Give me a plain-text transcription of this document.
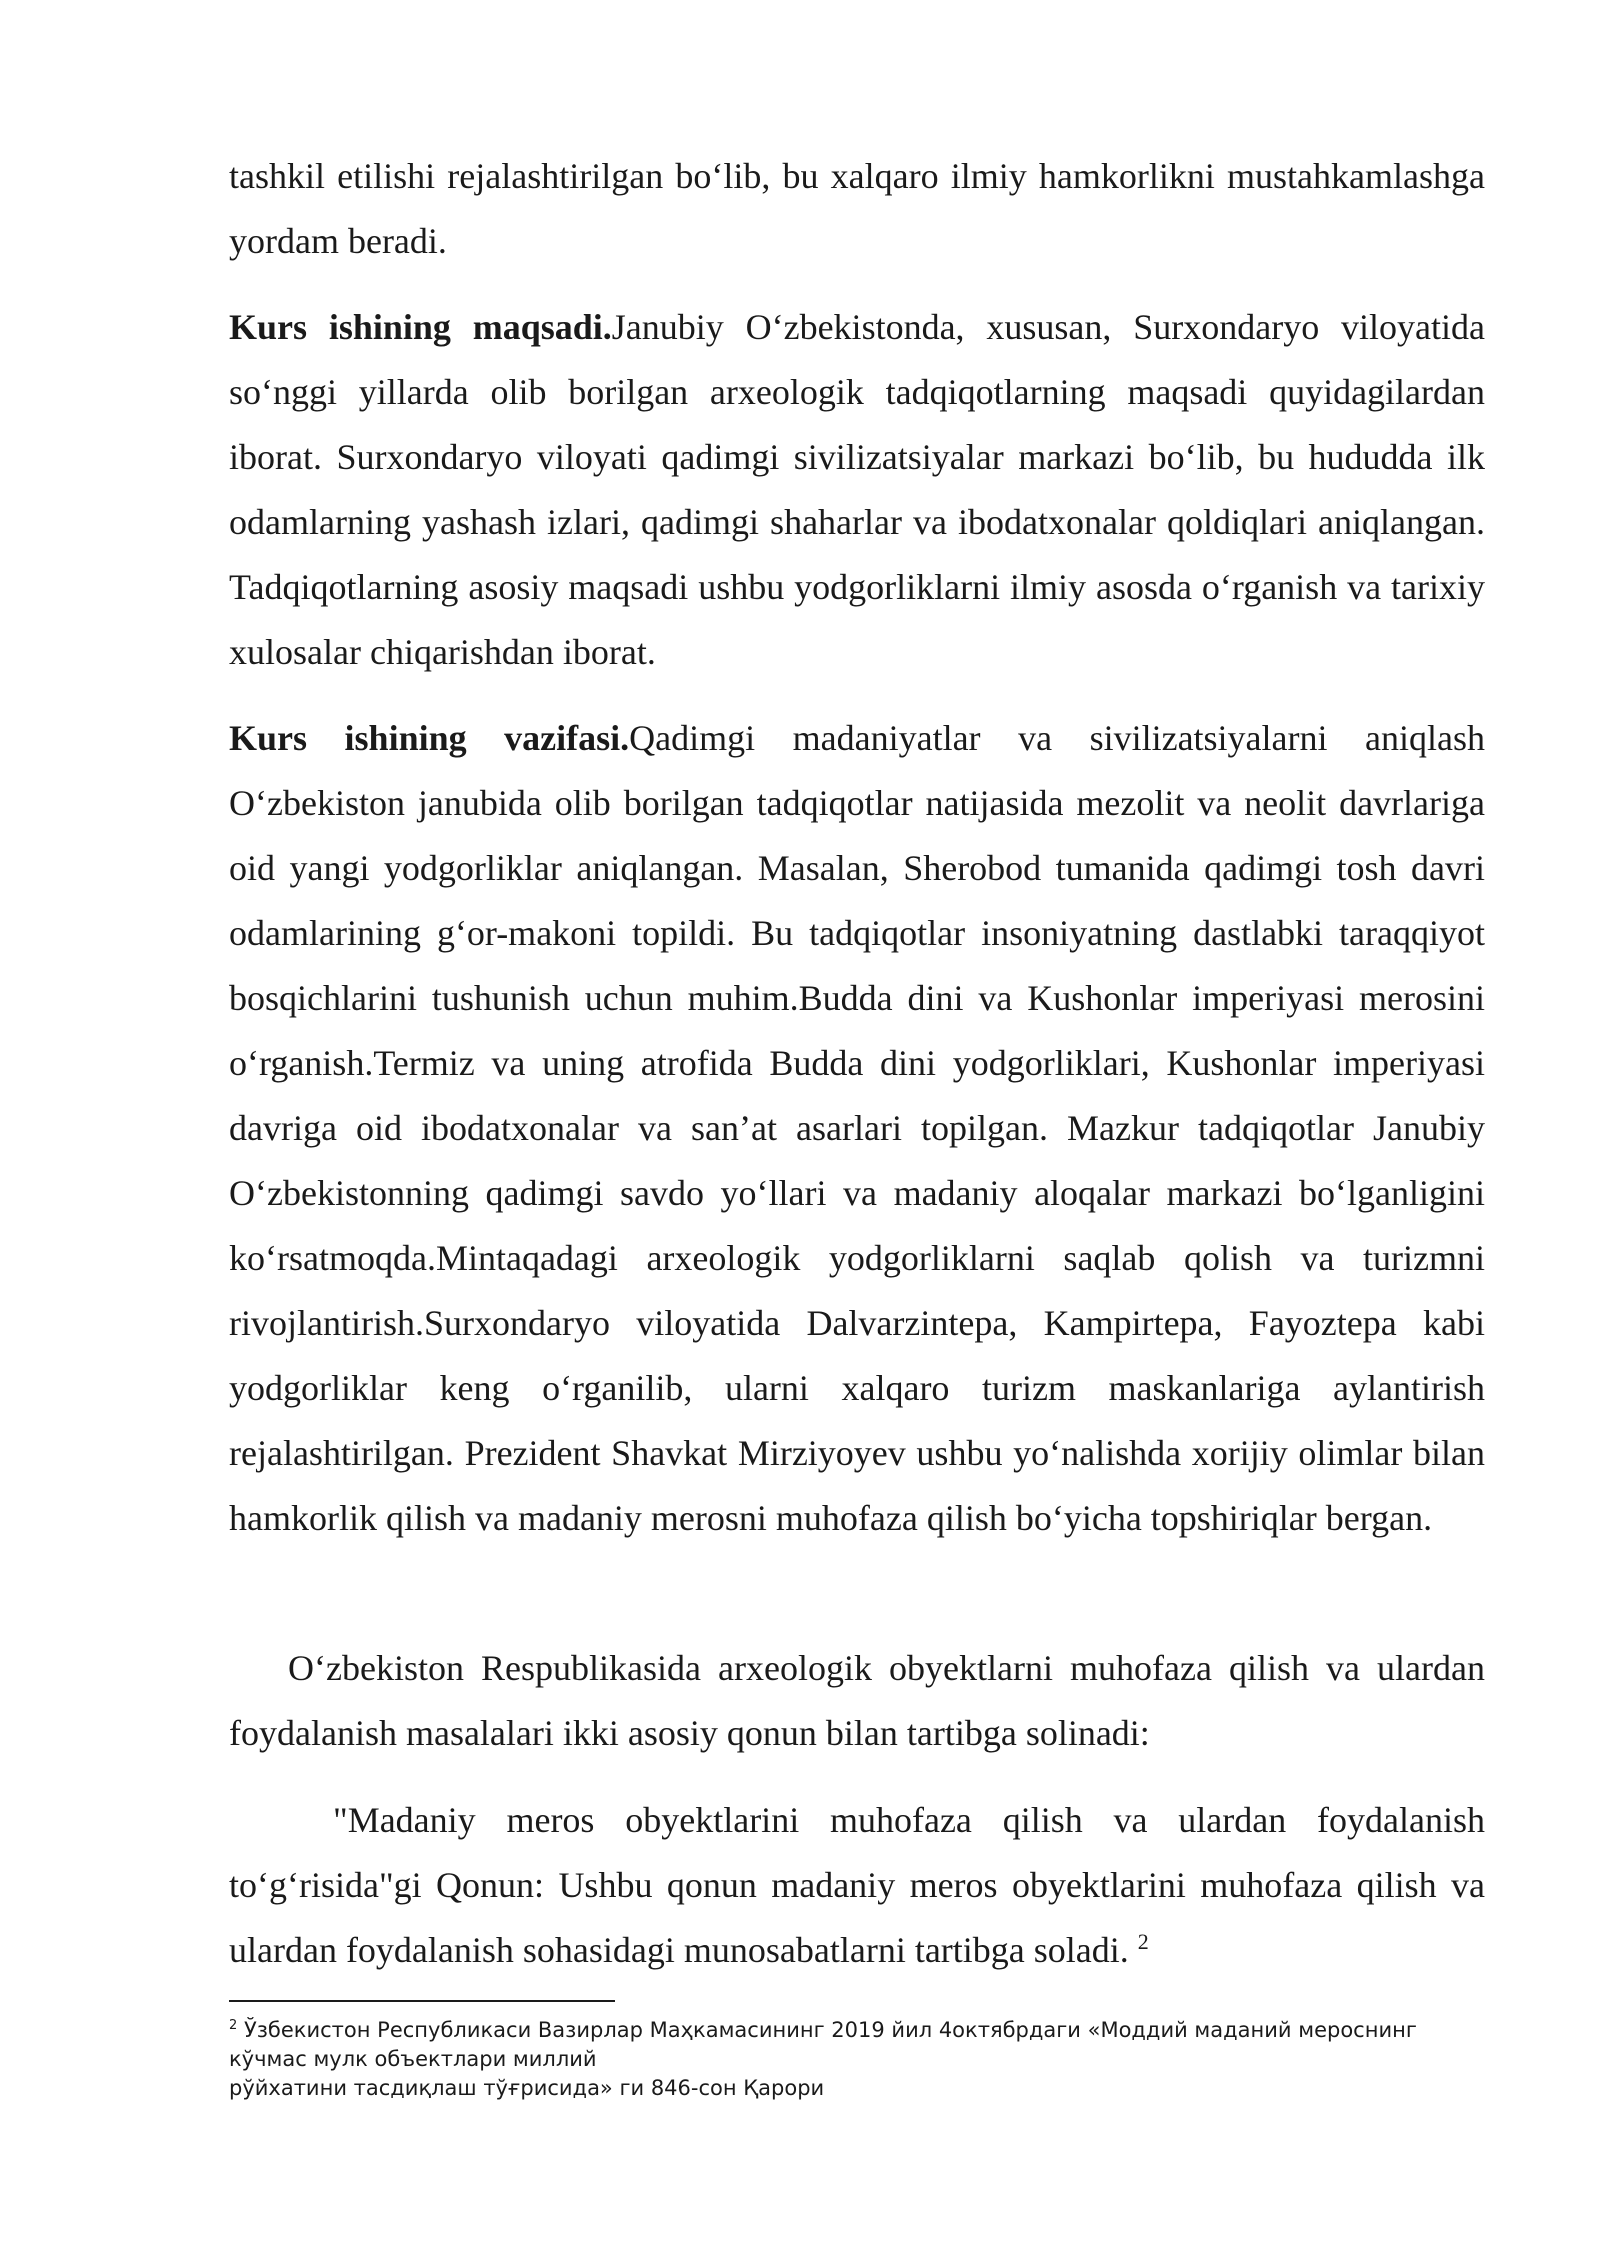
tashkil etilishi rejalashtirilgan bo‘lib, bu xalqaro ilmiy hamkorlikni mustahkamlashga yordam beradi.

Kurs ishining maqsadi.Janubiy O‘zbekistonda, xususan, Surxondaryo viloyatida so‘nggi yillarda olib borilgan arxeologik tadqiqotlarning maqsadi quyidagilardan iborat. Surxondaryo viloyati qadimgi sivilizatsiyalar markazi bo‘lib, bu hududda ilk odamlarning yashash izlari, qadimgi shaharlar va ibodatxonalar qoldiqlari aniqlangan. Tadqiqotlarning asosiy maqsadi ushbu yodgorliklarni ilmiy asosda o‘rganish va tarixiy xulosalar chiqarishdan iborat.

Kurs ishining vazifasi.Qadimgi madaniyatlar va sivilizatsiyalarni aniqlash O‘zbekiston janubida olib borilgan tadqiqotlar natijasida mezolit va neolit davrlariga oid yangi yodgorliklar aniqlangan. Masalan, Sherobod tumanida qadimgi tosh davri odamlarining g‘or-makoni topildi. Bu tadqiqotlar insoniyatning dastlabki taraqqiyot bosqichlarini tushunish uchun muhim.Budda dini va Kushonlar imperiyasi merosini o‘rganish.Termiz va uning atrofida Budda dini yodgorliklari, Kushonlar imperiyasi davriga oid ibodatxonalar va san’at asarlari topilgan. Mazkur tadqiqotlar Janubiy O‘zbekistonning qadimgi savdo yo‘llari va madaniy aloqalar markazi bo‘lganligini ko‘rsatmoqda.Mintaqadagi arxeologik yodgorliklarni saqlab qolish va turizmni rivojlantirish.Surxondaryo viloyatida Dalvarzintepa, Kampirtepa, Fayoztepa kabi yodgorliklar keng o‘rganilib, ularni xalqaro turizm maskanlariga aylantirish rejalashtirilgan. Prezident Shavkat Mirziyoyev ushbu yo‘nalishda xorijiy olimlar bilan hamkorlik qilish va madaniy merosni muhofaza qilish bo‘yicha topshiriqlar bergan.

O‘zbekiston Respublikasida arxeologik obyektlarni muhofaza qilish va ulardan foydalanish masalalari ikki asosiy qonun bilan tartibga solinadi:

"Madaniy meros obyektlarini muhofaza qilish va ulardan foydalanish to‘g‘risida"gi Qonun: Ushbu qonun madaniy meros obyektlarini muhofaza qilish va ulardan foydalanish sohasidagi munosabatlarni tartibga soladi. $^2$

$^2$ Ўзбекистон Республикаси Вазирлар Маҳкамасининг 2019 йил 4октябрдаги «Моддий маданий мероснинг
кўчмас мулк объектлари миллий
рўйхатини тасдиқлаш тўғрисида» ги 846-сон Қарори
